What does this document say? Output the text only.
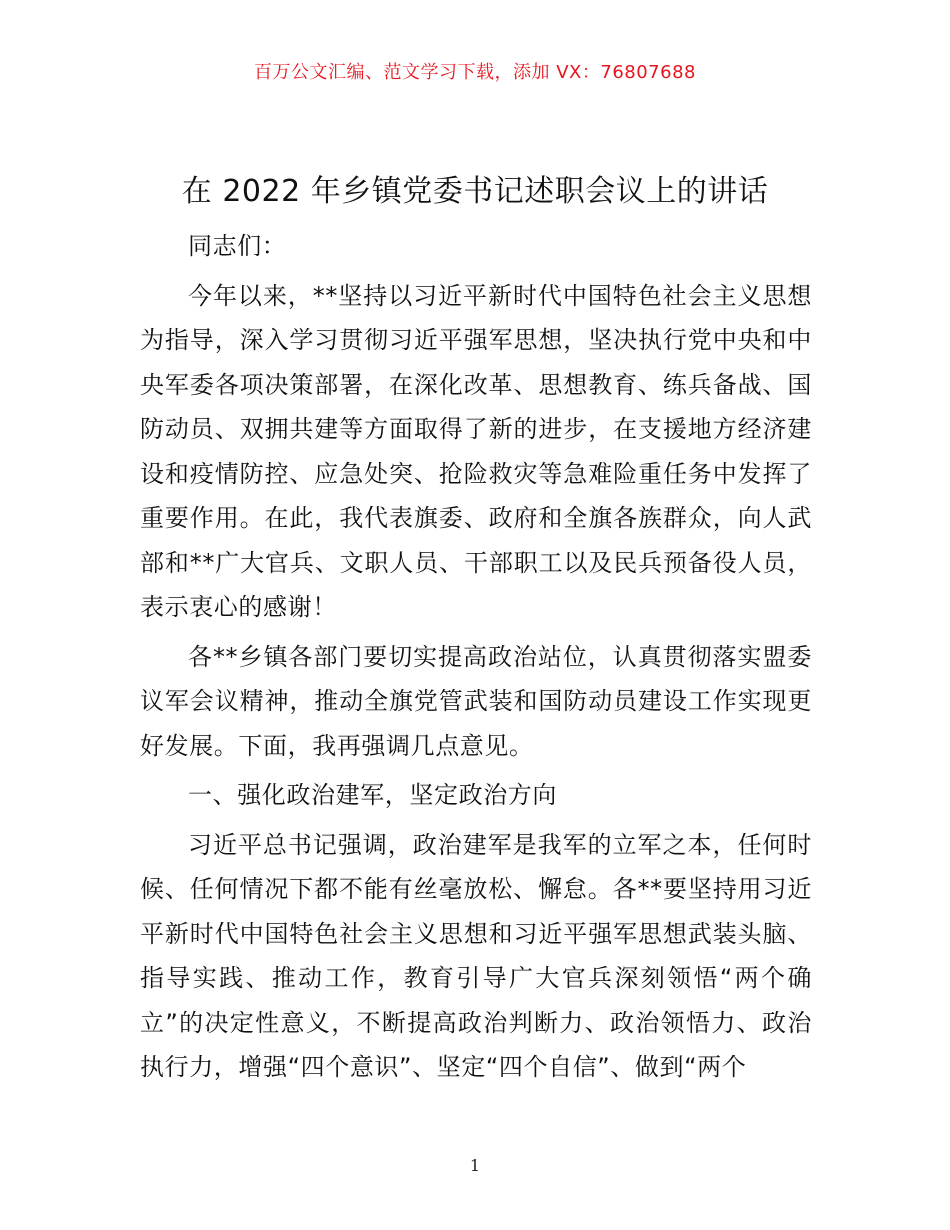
百万公文汇编、范文学习下载，添加 VX：76807688
在 2022 年乡镇党委书记述职会议上的讲话

同志们：

今年以来，**坚持以习近平新时代中国特色社会主义思想为指导，深入学习贯彻习近平强军思想，坚决执行党中央和中央军委各项决策部署，在深化改革、思想教育、练兵备战、国防动员、双拥共建等方面取得了新的进步，在支援地方经济建设和疫情防控、应急处突、抢险救灾等急难险重任务中发挥了重要作用。在此，我代表旗委、政府和全旗各族群众，向人武部和**广大官兵、文职人员、干部职工以及民兵预备役人员，表示衷心的感谢！

各**乡镇各部门要切实提高政治站位，认真贯彻落实盟委议军会议精神，推动全旗党管武装和国防动员建设工作实现更好发展。下面，我再强调几点意见。

一、强化政治建军，坚定政治方向

习近平总书记强调，政治建军是我军的立军之本，任何时候、任何情况下都不能有丝毫放松、懈怠。各**要坚持用习近平新时代中国特色社会主义思想和习近平强军思想武装头脑、指导实践、推动工作，教育引导广大官兵深刻领悟“两个确立”的决定性意义，不断提高政治判断力、政治领悟力、政治执行力，增强“四个意识”、坚定“四个自信”、做到“两个

1
